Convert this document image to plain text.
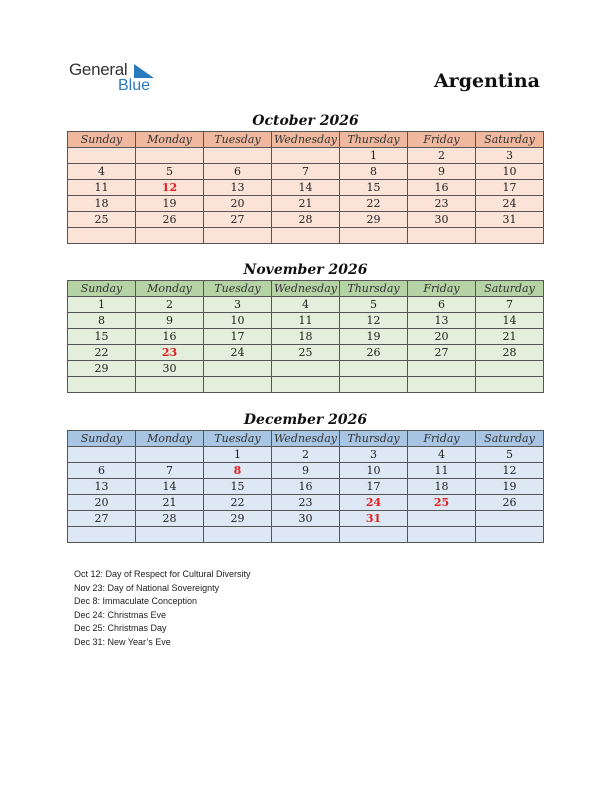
General
Blue	Argentina
October 2026
Sunday	Monday	Tuesday	Wednesday	Thursday	Friday	Saturday
				1	2	3
4	5	6	7	8	9	10
11	12	13	14	15	16	17
18	19	20	21	22	23	24
25	26	27	28	29	30	31

November 2026
Sunday	Monday	Tuesday	Wednesday	Thursday	Friday	Saturday
1	2	3	4	5	6	7
8	9	10	11	12	13	14
15	16	17	18	19	20	21
22	23	24	25	26	27	28
29	30					

December 2026
Sunday	Monday	Tuesday	Wednesday	Thursday	Friday	Saturday
		1	2	3	4	5
6	7	8	9	10	11	12
13	14	15	16	17	18	19
20	21	22	23	24	25	26
27	28	29	30	31		

Oct 12: Day of Respect for Cultural Diversity
Nov 23: Day of National Sovereignty
Dec 8: Immaculate Conception
Dec 24: Christmas Eve
Dec 25: Christmas Day
Dec 31: New Year’s Eve
